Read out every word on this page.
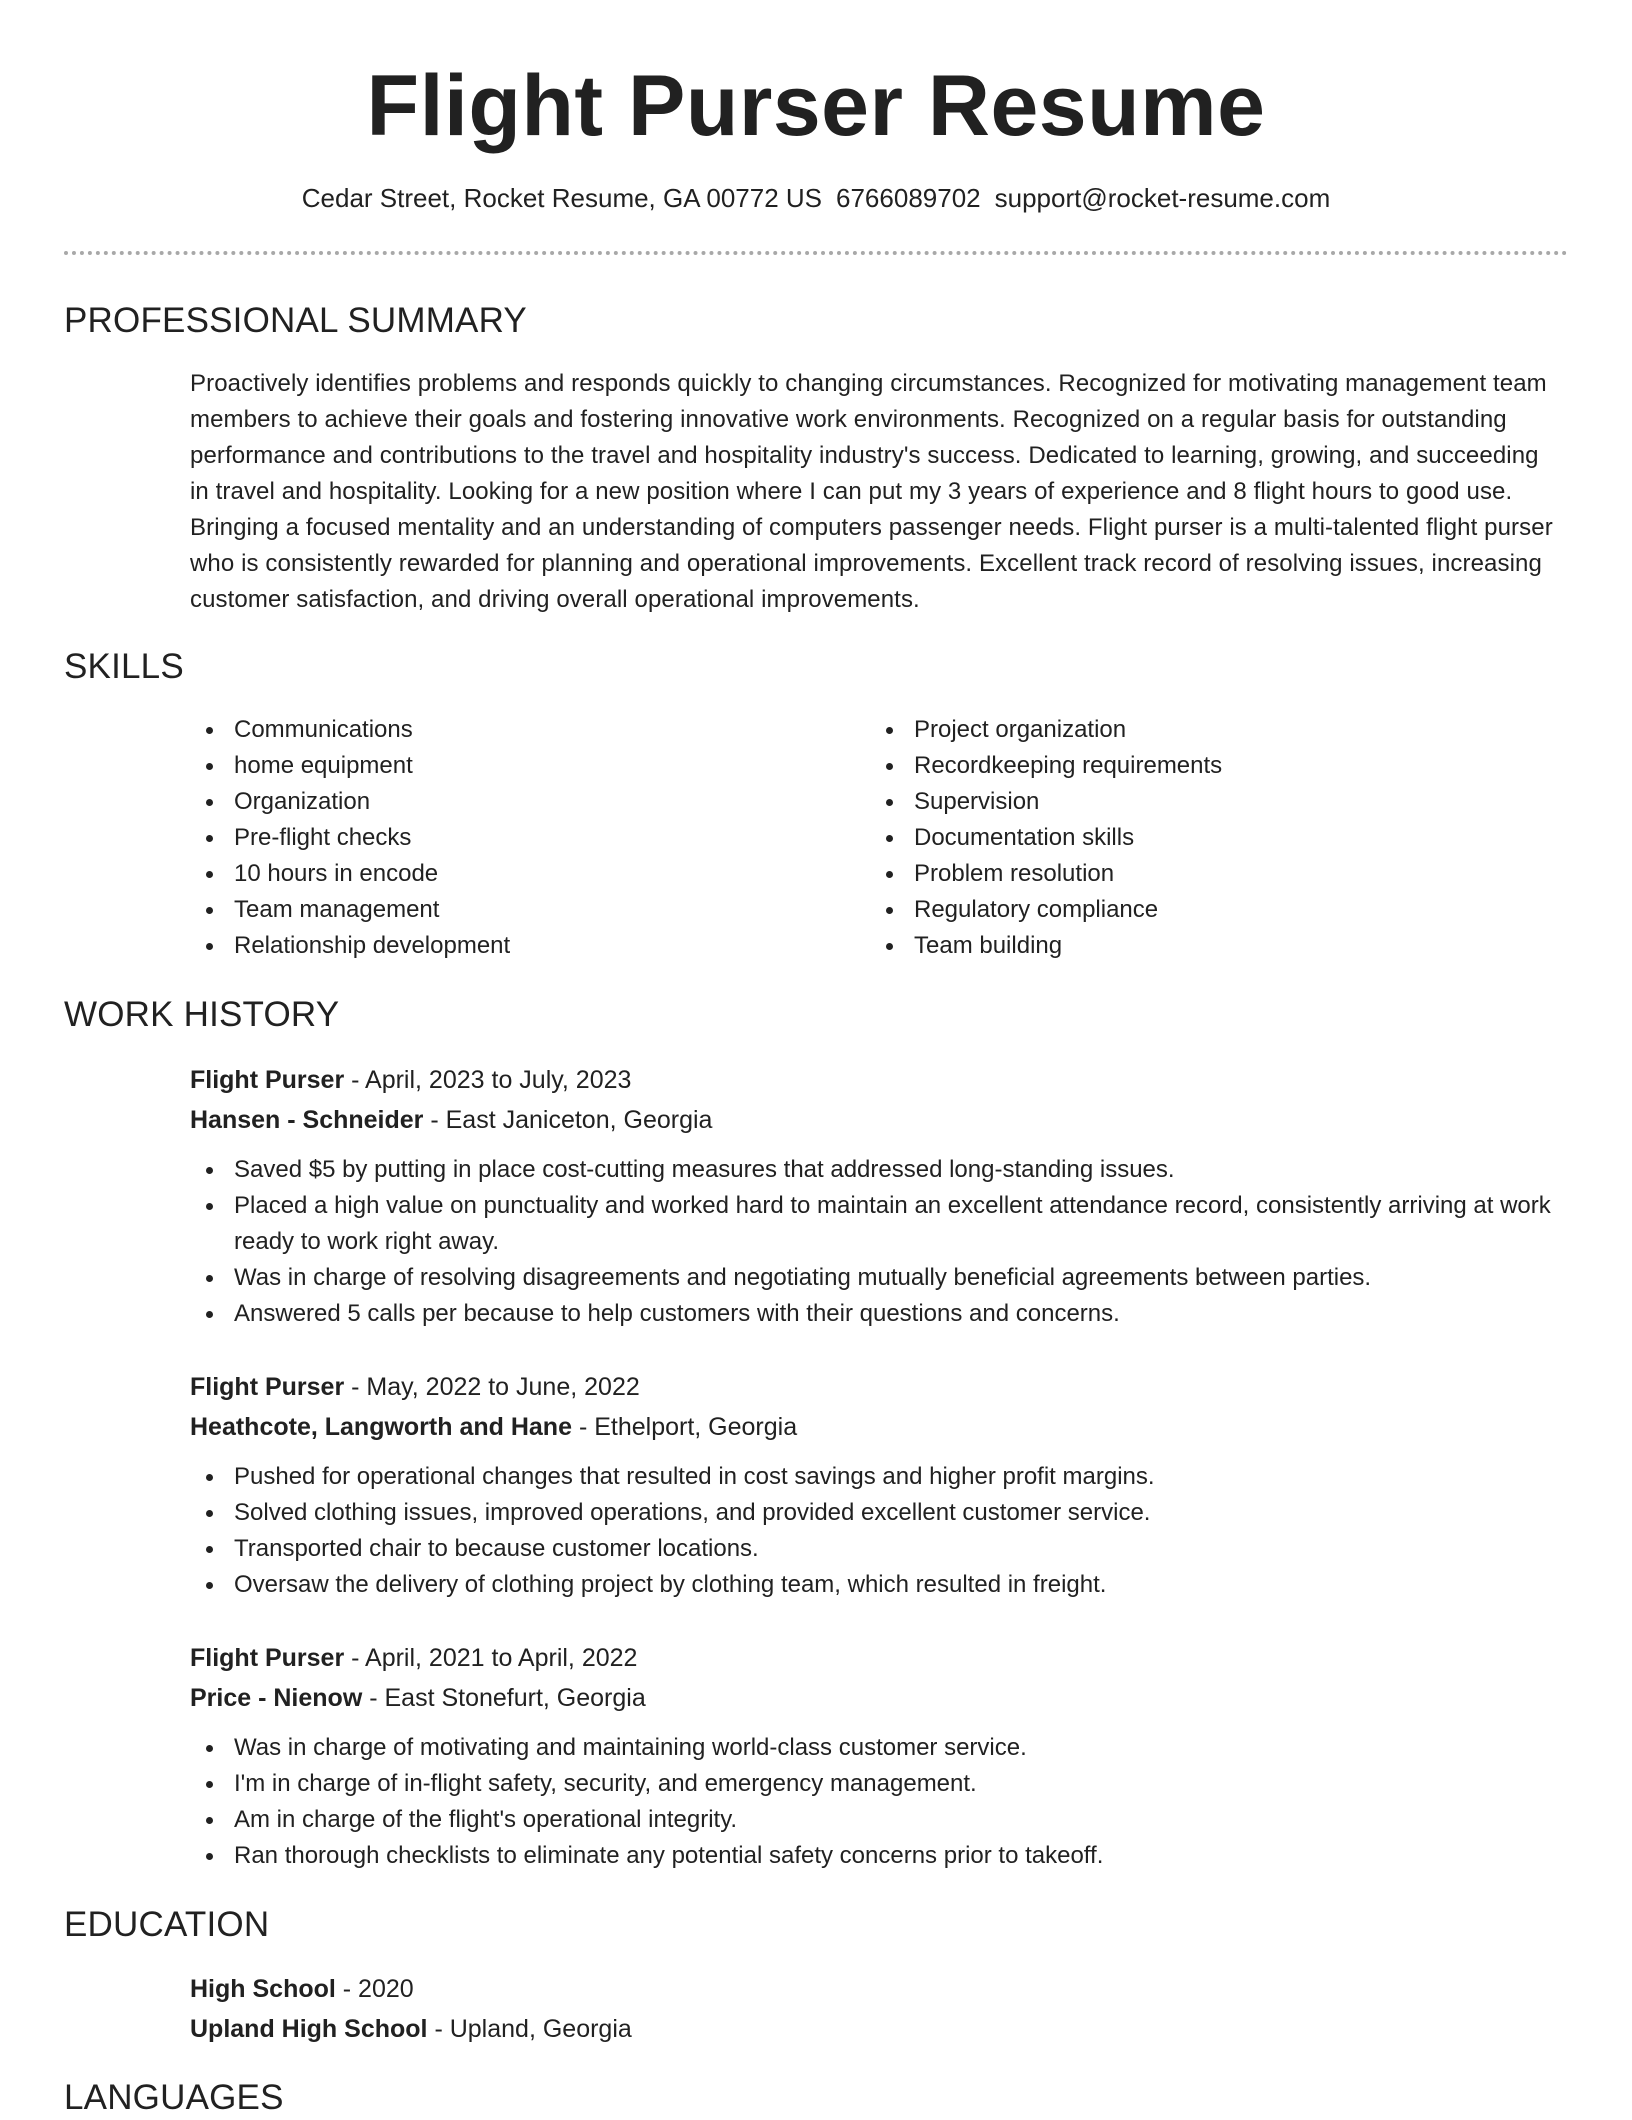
Flight Purser Resume
Cedar Street, Rocket Resume, GA 00772 US 6766089702 support@rocket-resume.com
PROFESSIONAL SUMMARY
Proactively identifies problems and responds quickly to changing circumstances. Recognized for motivating management team members to achieve their goals and fostering innovative work environments. Recognized on a regular basis for outstanding performance and contributions to the travel and hospitality industry's success. Dedicated to learning, growing, and succeeding in travel and hospitality. Looking for a new position where I can put my 3 years of experience and 8 flight hours to good use. Bringing a focused mentality and an understanding of computers passenger needs. Flight purser is a multi-talented flight purser who is consistently rewarded for planning and operational improvements. Excellent track record of resolving issues, increasing customer satisfaction, and driving overall operational improvements.
SKILLS
Communications
home equipment
Organization
Pre-flight checks
10 hours in encode
Team management
Relationship development
Project organization
Recordkeeping requirements
Supervision
Documentation skills
Problem resolution
Regulatory compliance
Team building
WORK HISTORY
Flight Purser - April, 2023 to July, 2023
Hansen - Schneider - East Janiceton, Georgia
Saved $5 by putting in place cost-cutting measures that addressed long-standing issues.
Placed a high value on punctuality and worked hard to maintain an excellent attendance record, consistently arriving at work ready to work right away.
Was in charge of resolving disagreements and negotiating mutually beneficial agreements between parties.
Answered 5 calls per because to help customers with their questions and concerns.
Flight Purser - May, 2022 to June, 2022
Heathcote, Langworth and Hane - Ethelport, Georgia
Pushed for operational changes that resulted in cost savings and higher profit margins.
Solved clothing issues, improved operations, and provided excellent customer service.
Transported chair to because customer locations.
Oversaw the delivery of clothing project by clothing team, which resulted in freight.
Flight Purser - April, 2021 to April, 2022
Price - Nienow - East Stonefurt, Georgia
Was in charge of motivating and maintaining world-class customer service.
I'm in charge of in-flight safety, security, and emergency management.
Am in charge of the flight's operational integrity.
Ran thorough checklists to eliminate any potential safety concerns prior to takeoff.
EDUCATION
High School - 2020
Upland High School - Upland, Georgia
LANGUAGES
